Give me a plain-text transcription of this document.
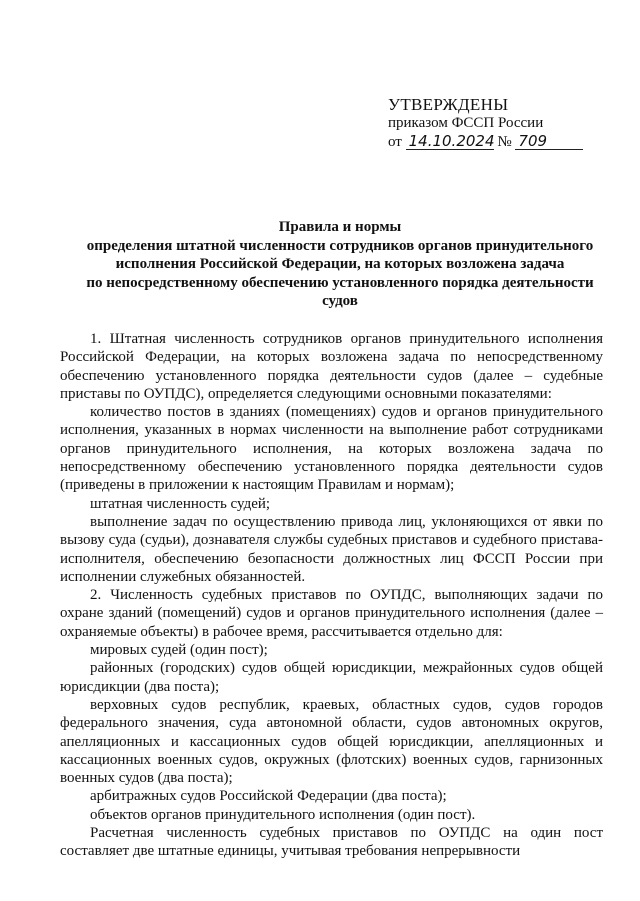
УТВЕРЖДЕНЫ
приказом ФССП России
от 14.10.2024 № 709
Правила и нормы
определения штатной численности сотрудников органов принудительного
исполнения Российской Федерации, на которых возложена задача
по непосредственному обеспечению установленного порядка деятельности
судов

1. Штатная численность сотрудников органов принудительного исполнения Российской Федерации, на которых возложена задача по непосредственному обеспечению установленного порядка деятельности судов (далее – судебные приставы по ОУПДС), определяется следующими основными показателями:

количество постов в зданиях (помещениях) судов и органов принудительного исполнения, указанных в нормах численности на выполнение работ сотрудниками органов принудительного исполнения, на которых возложена задача по непосредственному обеспечению установленного порядка деятельности судов (приведены в приложении к настоящим Правилам и нормам);

штатная численность судей;

выполнение задач по осуществлению привода лиц, уклоняющихся от явки по вызову суда (судьи), дознавателя службы судебных приставов и судебного пристава-исполнителя, обеспечению безопасности должностных лиц ФССП России при исполнении служебных обязанностей.

2. Численность судебных приставов по ОУПДС, выполняющих задачи по охране зданий (помещений) судов и органов принудительного исполнения (далее – охраняемые объекты) в рабочее время, рассчитывается отдельно для:

мировых судей (один пост);

районных (городских) судов общей юрисдикции, межрайонных судов общей юрисдикции (два поста);

верховных судов республик, краевых, областных судов, судов городов федерального значения, суда автономной области, судов автономных округов, апелляционных и кассационных судов общей юрисдикции, апелляционных и кассационных военных судов, окружных (флотских) военных судов, гарнизонных военных судов (два поста);

арбитражных судов Российской Федерации (два поста);

объектов органов принудительного исполнения (один пост).

Расчетная численность судебных приставов по ОУПДС на один пост составляет две штатные единицы, учитывая требования непрерывности
